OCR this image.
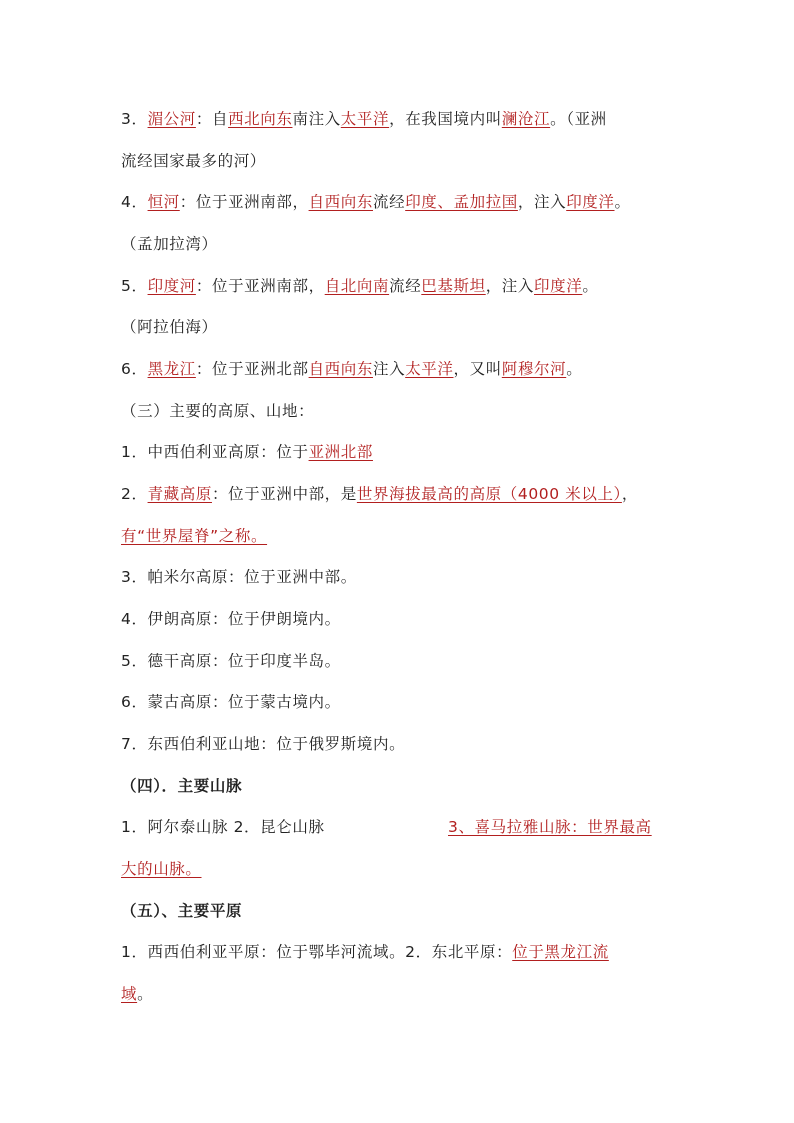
3．湄公河：自西北向东南注入太平洋，在我国境内叫澜沧江。（亚洲
流经国家最多的河）
4．恒河：位于亚洲南部，自西向东流经印度、孟加拉国，注入印度洋。
（孟加拉湾）
5．印度河：位于亚洲南部，自北向南流经巴基斯坦，注入印度洋。
（阿拉伯海）
6．黑龙江：位于亚洲北部自西向东注入太平洋，又叫阿穆尔河。
（三）主要的高原、山地：
1．中西伯利亚高原：位于亚洲北部
2．青藏高原：位于亚洲中部，是世界海拔最高的高原（4000 米以上），
有“世界屋脊”之称。
3．帕米尔高原：位于亚洲中部。
4．伊朗高原：位于伊朗境内。
5．德干高原：位于印度半岛。
6．蒙古高原：位于蒙古境内。
7．东西伯利亚山地：位于俄罗斯境内。
（四）．主要山脉
1．阿尔泰山脉 2．昆仑山脉	3、喜马拉雅山脉：世界最高
大的山脉。
（五）、主要平原
1．西西伯利亚平原：位于鄂毕河流域。2．东北平原：位于黑龙江流
域。
